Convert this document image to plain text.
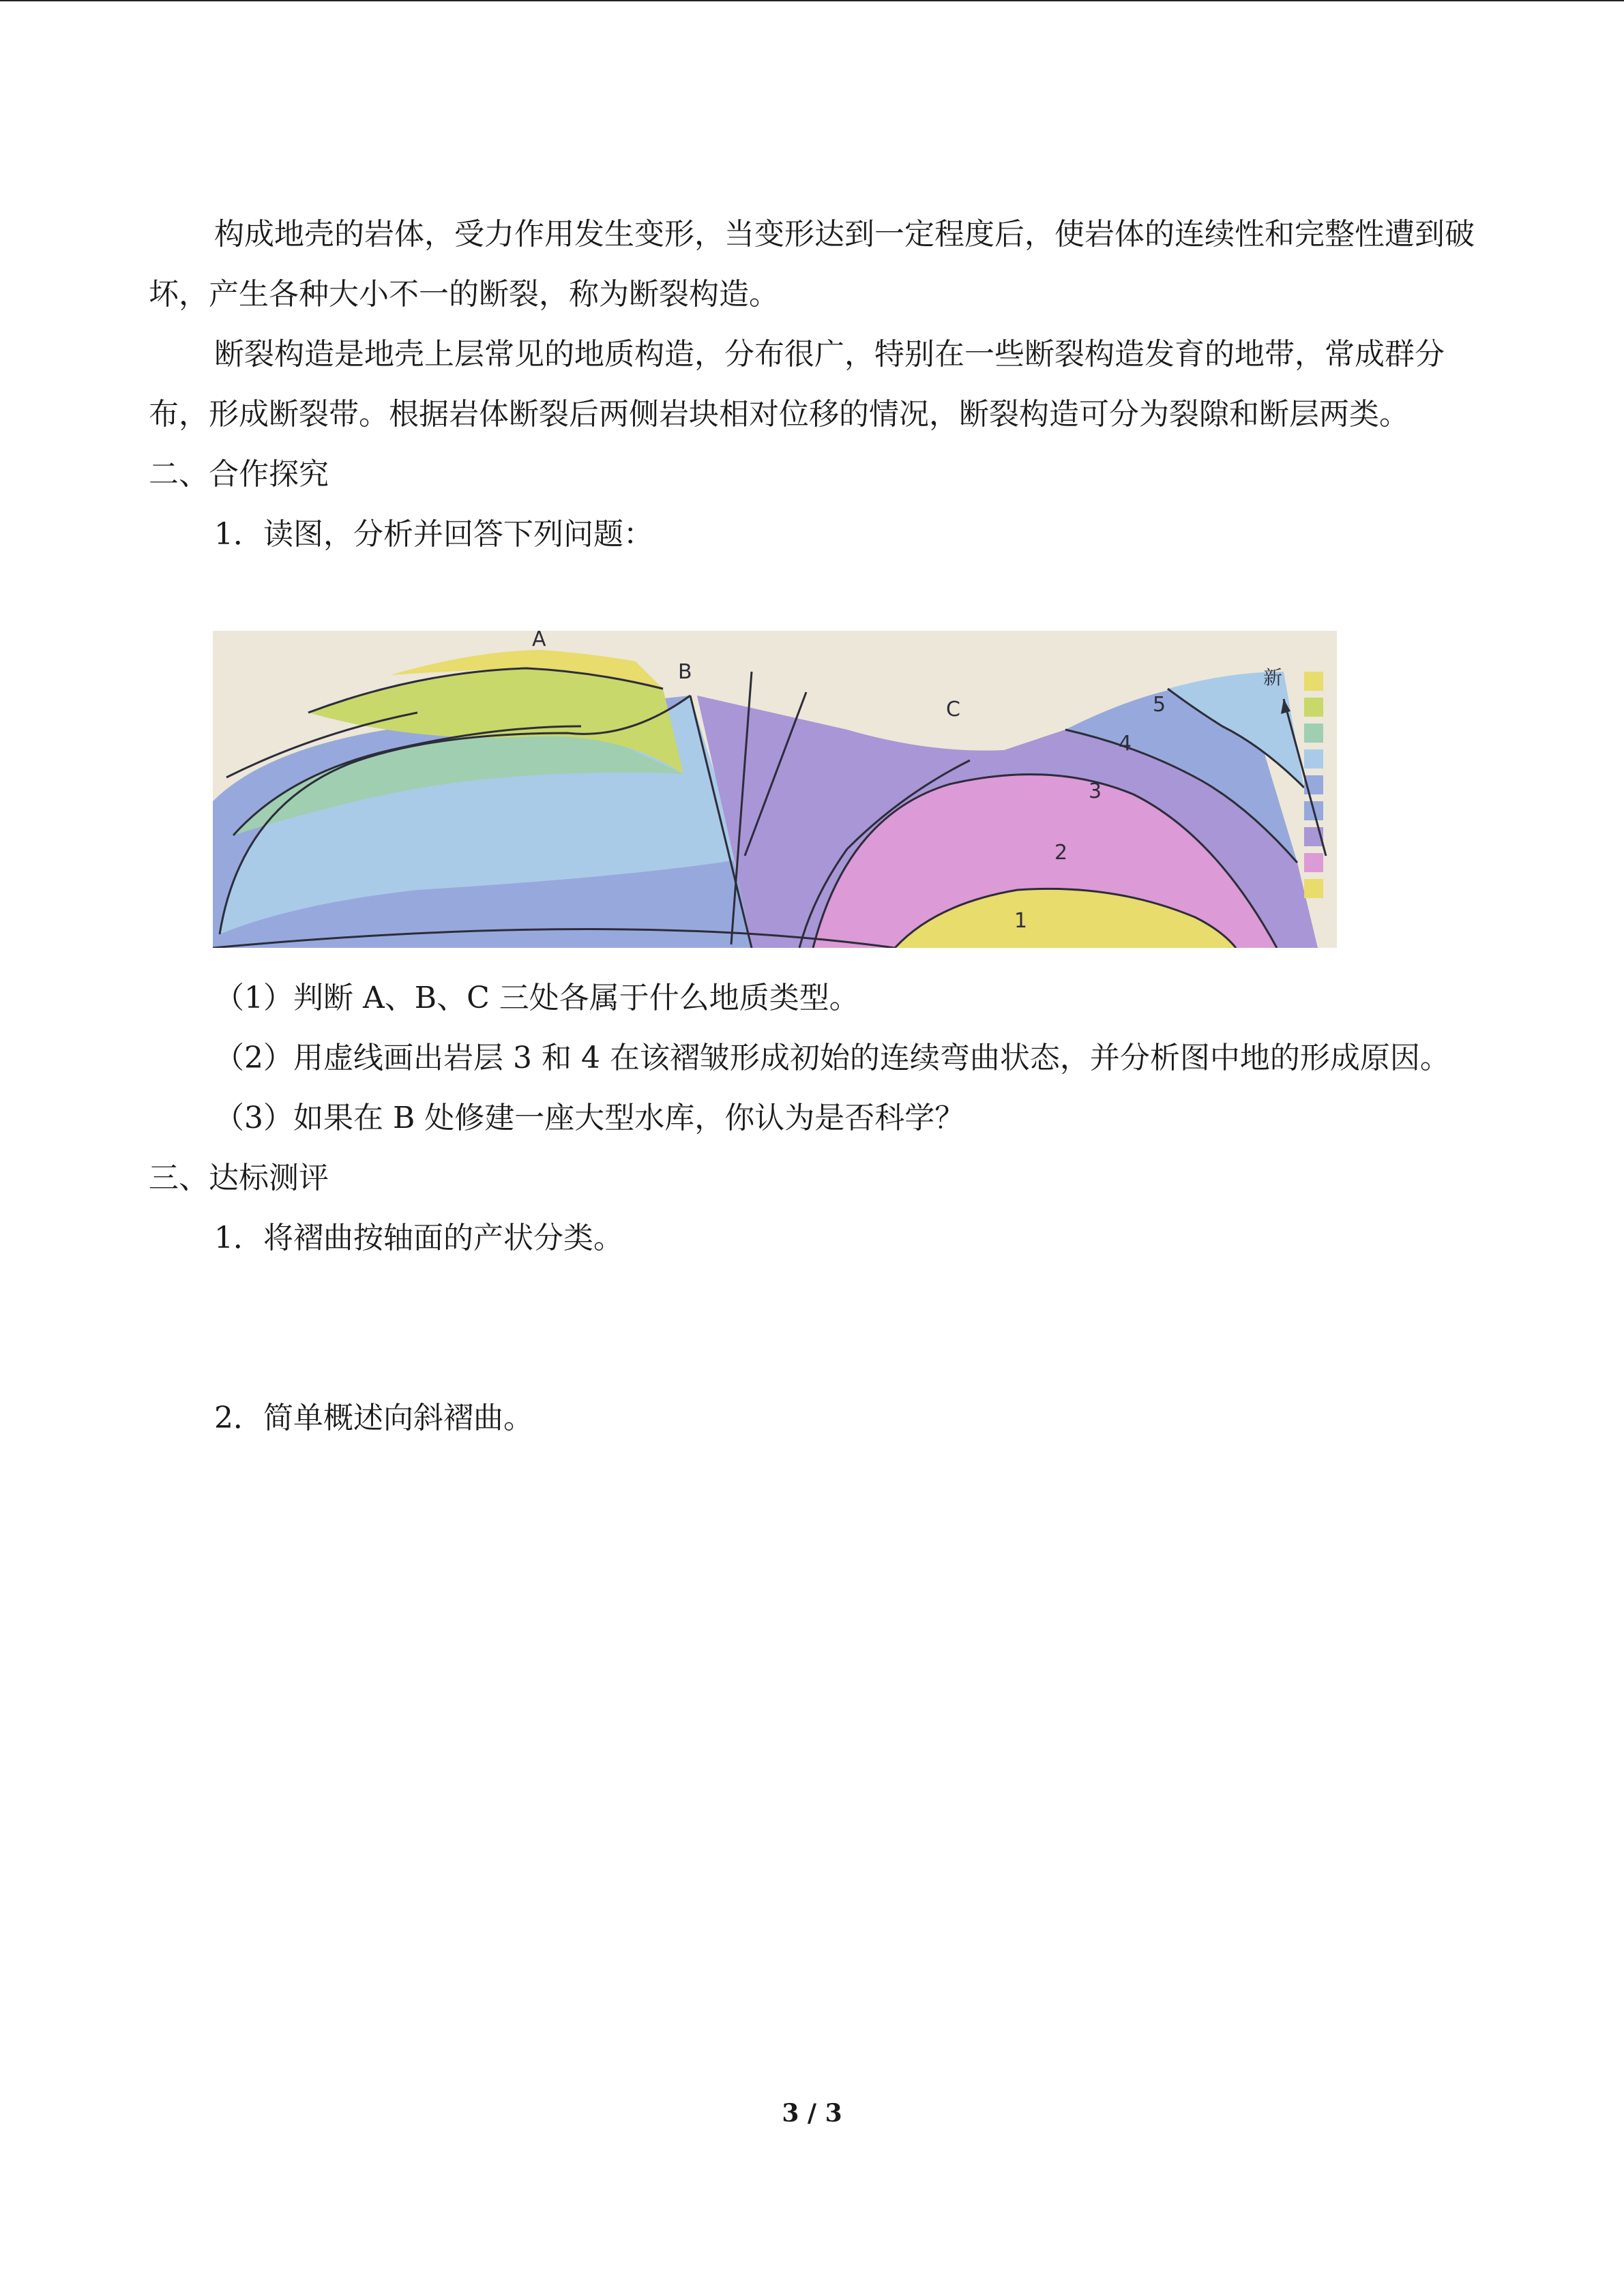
构成地壳的岩体，受力作用发生变形，当变形达到一定程度后，使岩体的连续性和完整性遭到破坏，产生各种大小不一的断裂，称为断裂构造。

断裂构造是地壳上层常见的地质构造，分布很广，特别在一些断裂构造发育的地带，常成群分布，形成断裂带。根据岩体断裂后两侧岩块相对位移的情况，断裂构造可分为裂隙和断层两类。

二、合作探究

1．读图，分析并回答下列问题：

A
B
C
1
2
3
4
5
新

（1）判断 A、B、C 三处各属于什么地质类型。

（2）用虚线画出岩层 3 和 4 在该褶皱形成初始的连续弯曲状态，并分析图中地的形成原因。

（3）如果在 B 处修建一座大型水库，你认为是否科学？

三、达标测评

1．将褶曲按轴面的产状分类。

2．简单概述向斜褶曲。

3 / 3
